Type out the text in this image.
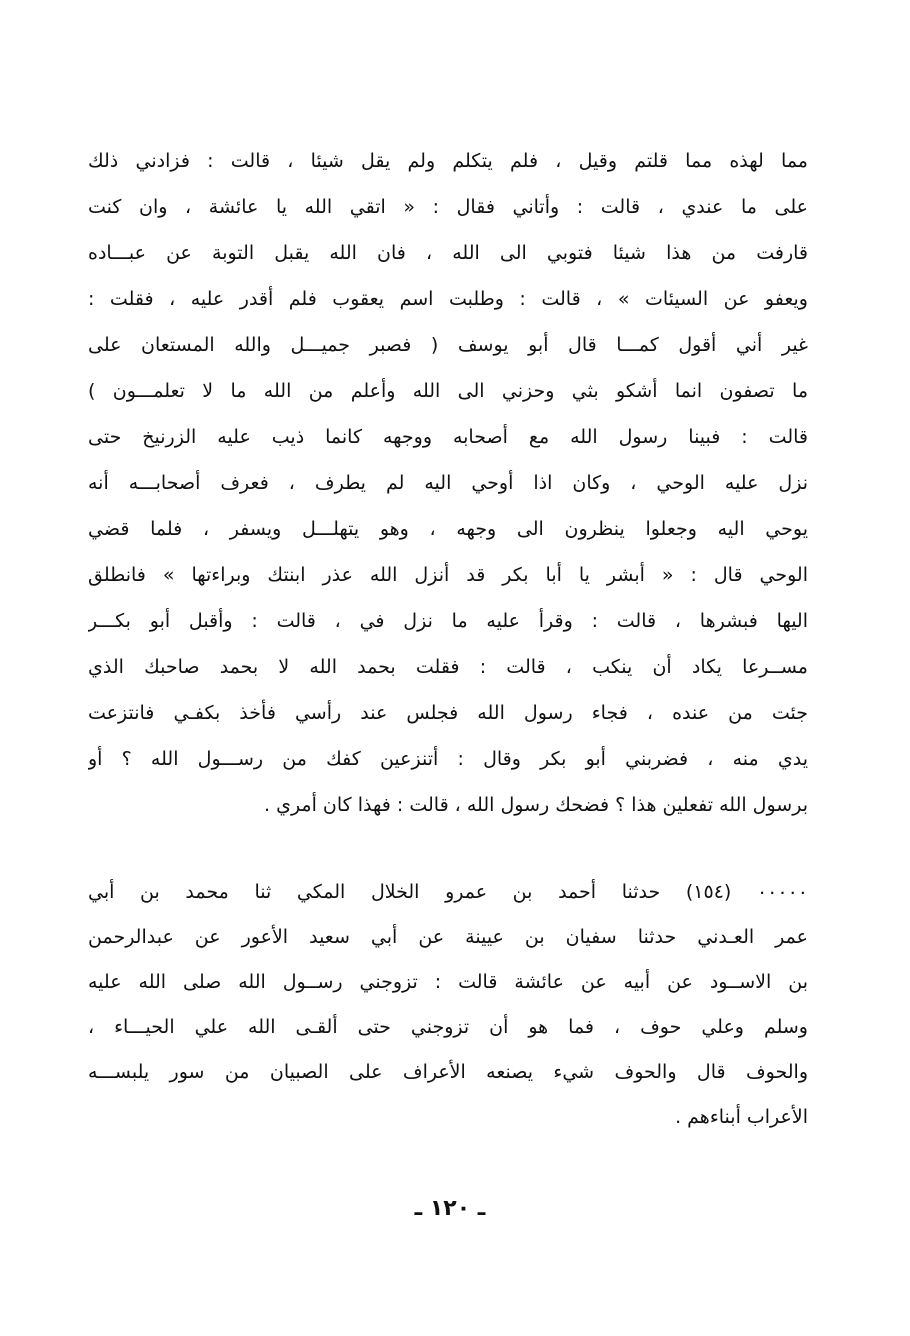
مما لهذه مما قلتم وقيل ، فلم يتكلم ولم يقل شيئا ، قالت : فزادني ذلك
على ما عندي ، قالت : وأتاني فقال : « اتقي الله يا عائشة ، وان كنت
قارفت من هذا شيئا فتوبي الى الله ، فان الله يقبل التوبة عن عبـــاده
ويعفو عن السيئات » ، قالت : وطلبت اسم يعقوب فلم أقدر عليه ، فقلت :
غير أني أقول كمـــا قال أبو يوسف ( فصبر جميـــل والله المستعان على
ما تصفون انما أشكو بثي وحزني الى الله وأعلم من الله ما لا تعلمـــون )
قالت : فبينا رسول الله مع أصحابه ووجهه كانما ذيب عليه الزرنيخ حتى
نزل عليه الوحي ، وكان اذا أوحي اليه لم يطرف ، فعرف أصحابـــه أنه
يوحي اليه وجعلوا ينظرون الى وجهه ، وهو يتهلـــل ويسفر ، فلما قضي
الوحي قال : « أبشر يا أبا بكر قد أنزل الله عذر ابنتك وبراءتها » فانطلق
اليها فبشرها ، قالت : وقرأ عليه ما نزل في ، قالت : وأقبل أبو بكـــر
مســرعا يكاد أن ينكب ، قالت : فقلت بحمد الله لا بحمد صاحبك الذي
جئت من عنده ، فجاء رسول الله فجلس عند رأسي فأخذ بكفـي فانتزعت
يدي منه ، فضربني أبو بكر وقال : أتنزعين كفك من رســـول الله ؟ أو
برسول الله تفعلين هذا ؟ فضحك رسول الله ، قالت : فهذا كان أمري .
٠٠٠٠٠ (١٥٤) حدثنا أحمد بن عمرو الخلال المكي ثنا محمد بن أبي
عمر العـدني حدثنا سفيان بن عيينة عن أبي سعيد الأعور عن عبدالرحمن
بن الاســود عن أبيه عن عائشة قالت : تزوجني رســول الله صلى الله عليه
وسلم وعلي حوف ، فما هو أن تزوجني حتى ألقـى الله علي الحيـــاء ،
والحوف قال والحوف شيء يصنعه الأعراف على الصبيان من سور يلبســـه
الأعراب أبناءهم .
ـ ١٢٠ ـ
